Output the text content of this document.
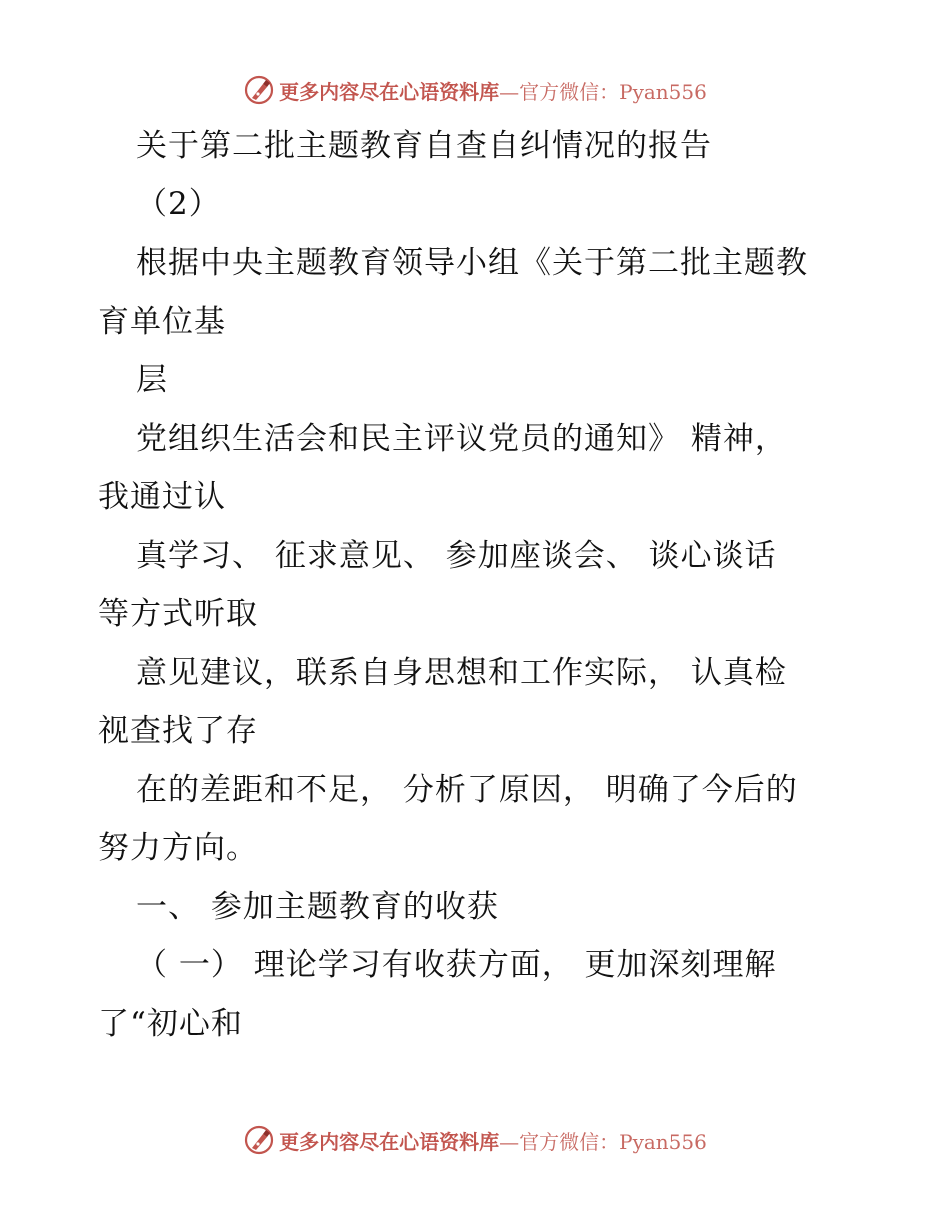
更多内容尽在心语资料库—官方微信：Pyan556
关于第二批主题教育自查自纠情况的报告
（2）
根据中央主题教育领导小组《关于第二批主题教
育单位基
层
党组织生活会和民主评议党员的通知》 精神，
我通过认
真学习、 征求意见、 参加座谈会、 谈心谈话
等方式听取
意见建议，联系自身思想和工作实际， 认真检
视查找了存
在的差距和不足， 分析了原因， 明确了今后的
努力方向。
一、 参加主题教育的收获
（ 一） 理论学习有收获方面， 更加深刻理解
了“初心和
更多内容尽在心语资料库—官方微信：Pyan556
